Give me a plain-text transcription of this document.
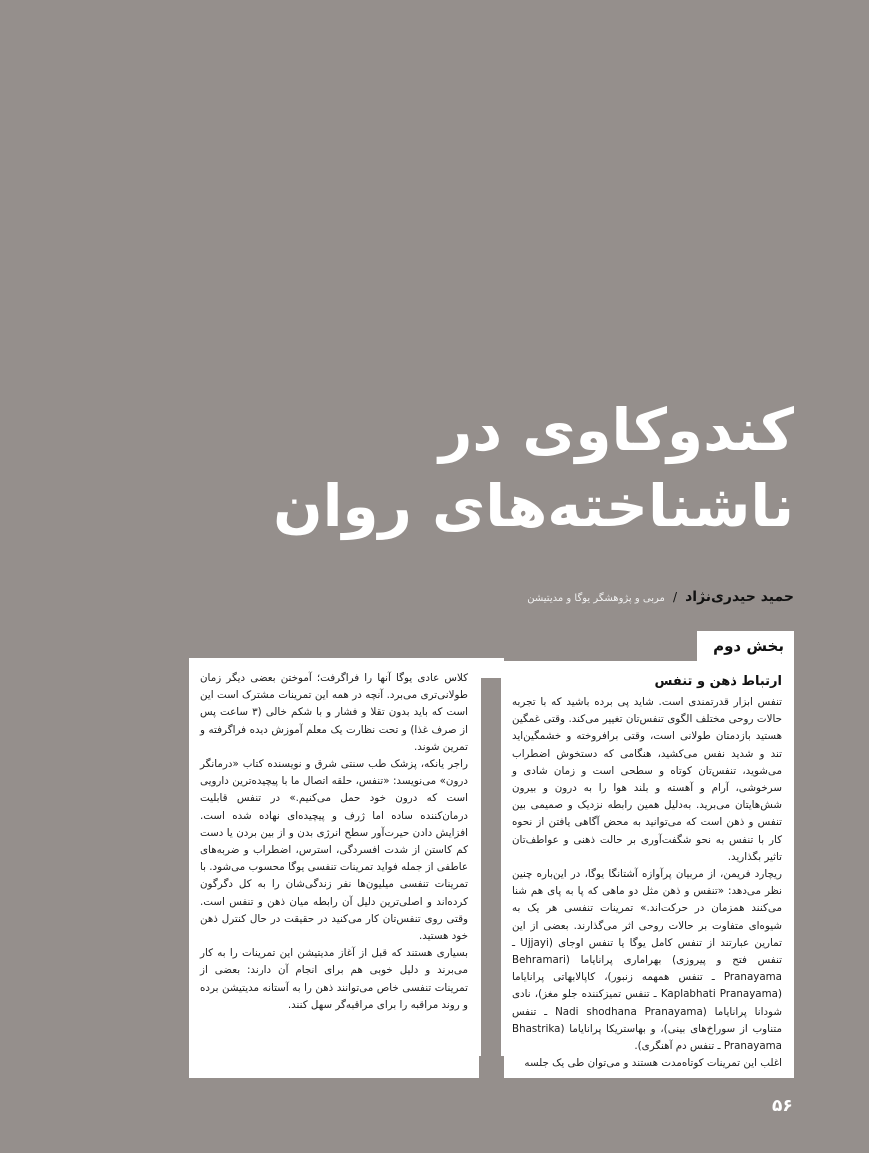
کندوکاوی در
ناشناخته‌های روان
حمید حیدری‌نژاد / مربی و پژوهشگر یوگا و مدیتیشن
بخش دوم
ارتباط ذهن و تنفس

تنفس ابزار قدرتمندی است. شاید پی برده باشید که با تجربه حالات روحی مختلف الگوی تنفس‌تان تغییر می‌کند. وقتی غمگین هستید بازدمتان طولانی است، وقتی برافروخته و خشمگین‌اید تند و شدید نفس می‌کشید، هنگامی که دستخوش اضطراب می‌شوید، تنفس‌تان کوتاه و سطحی است و زمان شادی و سرخوشی، آرام و آهسته و بلند هوا را به درون و بیرون شش‌هایتان می‌برید. به‌دلیل همین رابطه نزدیک و صمیمی بین تنفس و ذهن است که می‌توانید به محض آگاهی یافتن از نحوه کار با تنفس به نحو شگفت‌آوری بر حالت ذهنی و عواطف‌تان تاثیر بگذارید.

ریچارد فریمن، از مربیان پرآوازه آشتانگا یوگا، در این‌باره چنین نظر می‌دهد: «تنفس و ذهن مثل دو ماهی که پا به پای هم شنا می‌کنند همزمان در حرکت‌اند.» تمرینات تنفسی هر یک به شیوه‌ای متفاوت بر حالات روحی اثر می‌گذارند. بعضی از این تمارین عبارتند از تنفس کامل یوگا یا تنفس اوجای (Ujjayi ـ تنفس فتح و پیروزی) بهراماری پرانایاما (Behramari Pranayama ـ تنفس همهمه زنبور)، کاپالابهاتی پرانایاما (Kaplabhati Pranayama ـ تنفس تمیزکننده جلو مغز)، نادی شودانا پرانایاما (Nadi shodhana Pranayama ـ تنفس متناوب از سوراخ‌های بینی)، و بهاستریکا پرانایاما (Bhastrika Pranayama ـ تنفس دم آهنگری).

اغلب این تمرینات کوتاه‌مدت هستند و می‌توان طی یک جلسه

کلاس عادی یوگا آنها را فراگرفت؛ آموختن بعضی دیگر زمان طولانی‌تری می‌برد. آنچه در همه این تمرینات مشترک است این است که باید بدون تقلا و فشار و با شکم خالی (۳ ساعت پس از صرف غذا) و تحت نظارت یک معلم آموزش دیده فراگرفته و تمرین شوند.

راجر یانکه، پزشک طب سنتی شرق و نویسنده کتاب «درمانگر درون» می‌نویسد: «تنفس، حلقه اتصال ما با پیچیده‌ترین دارویی است که درون خود حمل می‌کنیم.» در تنفس قابلیت درمان‌کننده ساده اما ژرف و پیچیده‌ای نهاده شده است. افزایش دادن حیرت‌آور سطح انرژی بدن و از بین بردن یا دست کم کاستن از شدت افسردگی، استرس، اضطراب و ضربه‌های عاطفی از جمله فواید تمرینات تنفسی یوگا محسوب می‌شود. با تمرینات تنفسی میلیون‌ها نفر زندگی‌شان را به کل دگرگون کرده‌اند و اصلی‌ترین دلیل آن رابطه میان ذهن و تنفس است. وقتی روی تنفس‌تان کار می‌کنید در حقیقت در حال کنترل ذهن خود هستید.

بسیاری هستند که قبل از آغاز مدیتیشن این تمرینات را به کار می‌برند و دلیل خوبی هم برای انجام آن دارند: بعضی از تمرینات تنفسی خاص می‌توانند ذهن را به آستانه مدیتیشن برده و روند مراقبه را برای مراقبه‌گر سهل کنند.

۵۶
